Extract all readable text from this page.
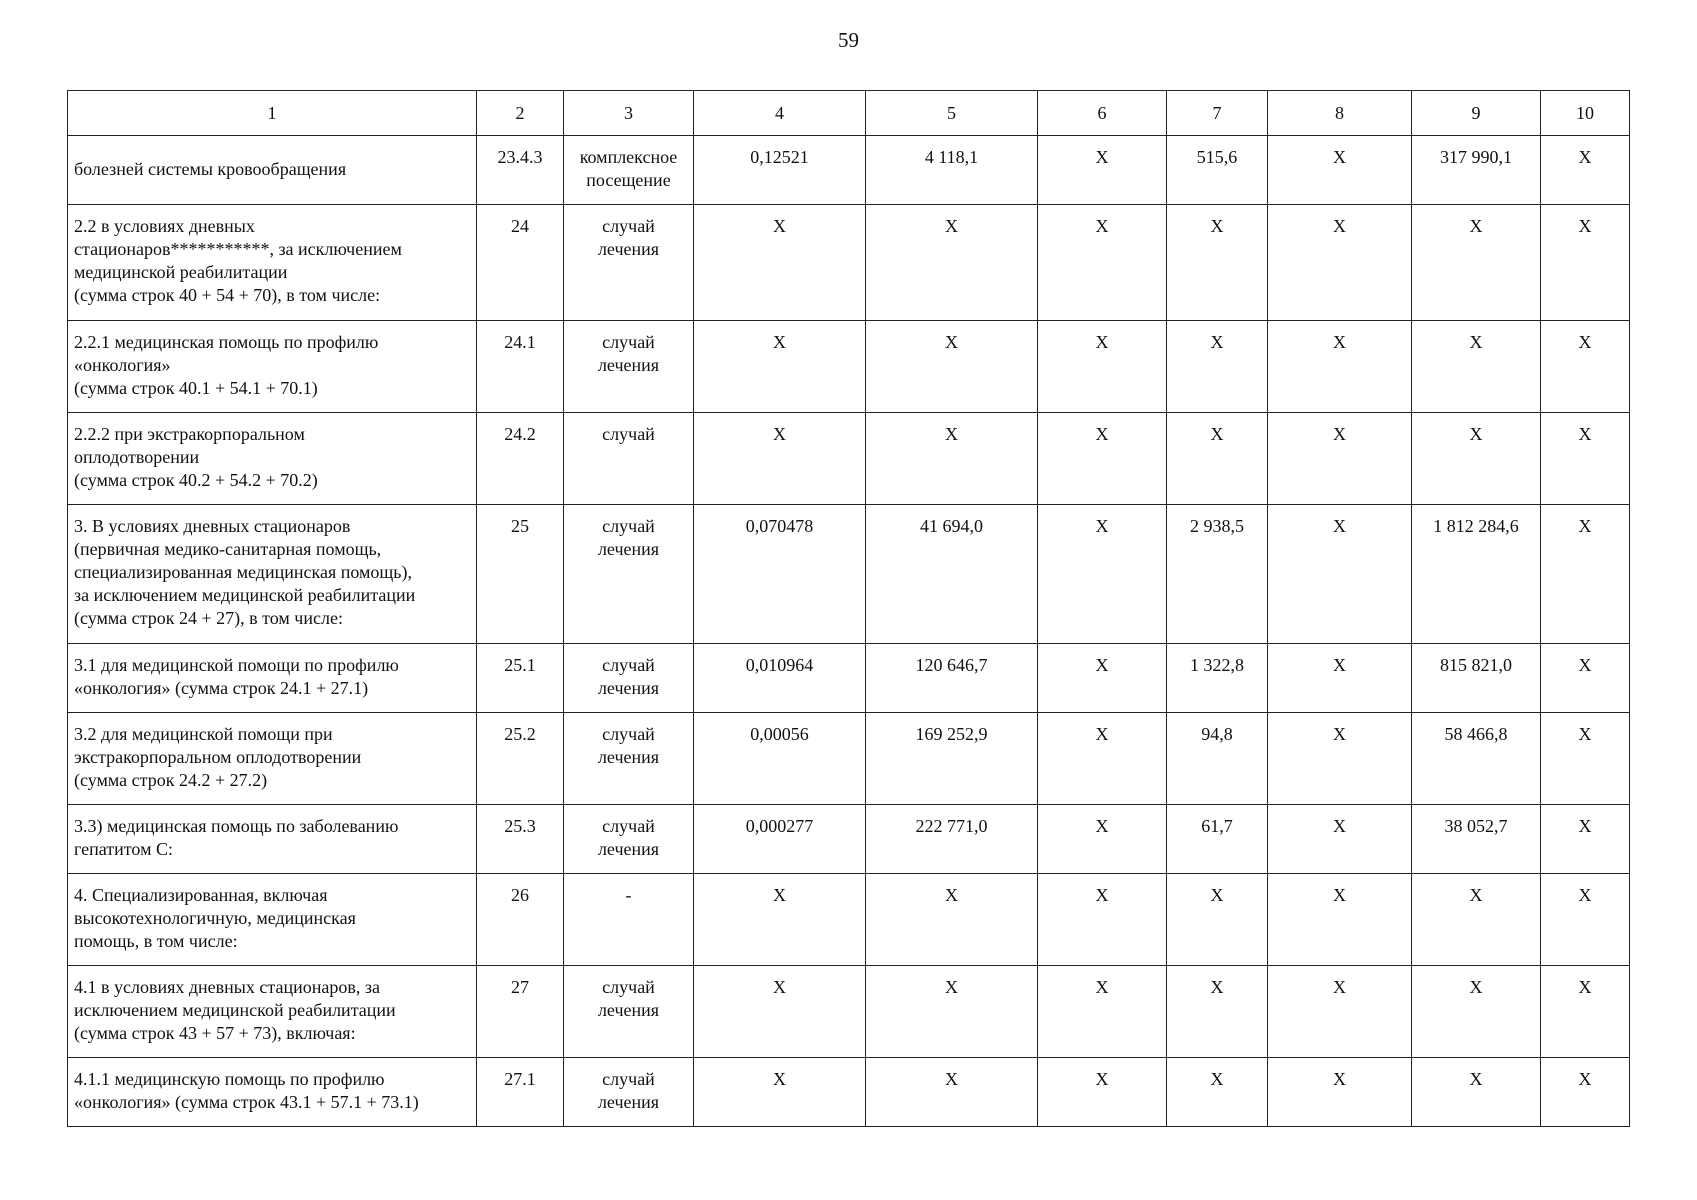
59
1	2	3	4	5	6	7	8	9	10
болезней системы кровообращения	23.4.3	комплексное
посещение	0,12521	4 118,1	X	515,6	X	317 990,1	X
2.2 в условиях дневных
стационаров***********, за исключением
медицинской реабилитации
(сумма строк 40 + 54 + 70), в том числе:	24	случай
лечения	X	X	X	X	X	X	X
2.2.1 медицинская помощь по профилю
«онкология»
(сумма строк 40.1 + 54.1 + 70.1)	24.1	случай
лечения	X	X	X	X	X	X	X
2.2.2 при экстракорпоральном
оплодотворении
(сумма строк 40.2 + 54.2 + 70.2)	24.2	случай	X	X	X	X	X	X	X
3. В условиях дневных стационаров
(первичная медико-санитарная помощь,
специализированная медицинская помощь),
за исключением медицинской реабилитации
(сумма строк 24 + 27), в том числе:	25	случай
лечения	0,070478	41 694,0	X	2 938,5	X	1 812 284,6	X
3.1 для медицинской помощи по профилю
«онкология» (сумма строк 24.1 + 27.1)	25.1	случай
лечения	0,010964	120 646,7	X	1 322,8	X	815 821,0	X
3.2 для медицинской помощи при
экстракорпоральном оплодотворении
(сумма строк 24.2 + 27.2)	25.2	случай
лечения	0,00056	169 252,9	X	94,8	X	58 466,8	X
3.3) медицинская помощь по заболеванию
гепатитом С:	25.3	случай
лечения	0,000277	222 771,0	X	61,7	X	38 052,7	X
4. Специализированная, включая
высокотехнологичную, медицинская
помощь, в том числе:	26	-	X	X	X	X	X	X	X
4.1 в условиях дневных стационаров, за
исключением медицинской реабилитации
(сумма строк 43 + 57 + 73), включая:	27	случай
лечения	X	X	X	X	X	X	X
4.1.1 медицинскую помощь по профилю
«онкология» (сумма строк 43.1 + 57.1 + 73.1)	27.1	случай
лечения	X	X	X	X	X	X	X
